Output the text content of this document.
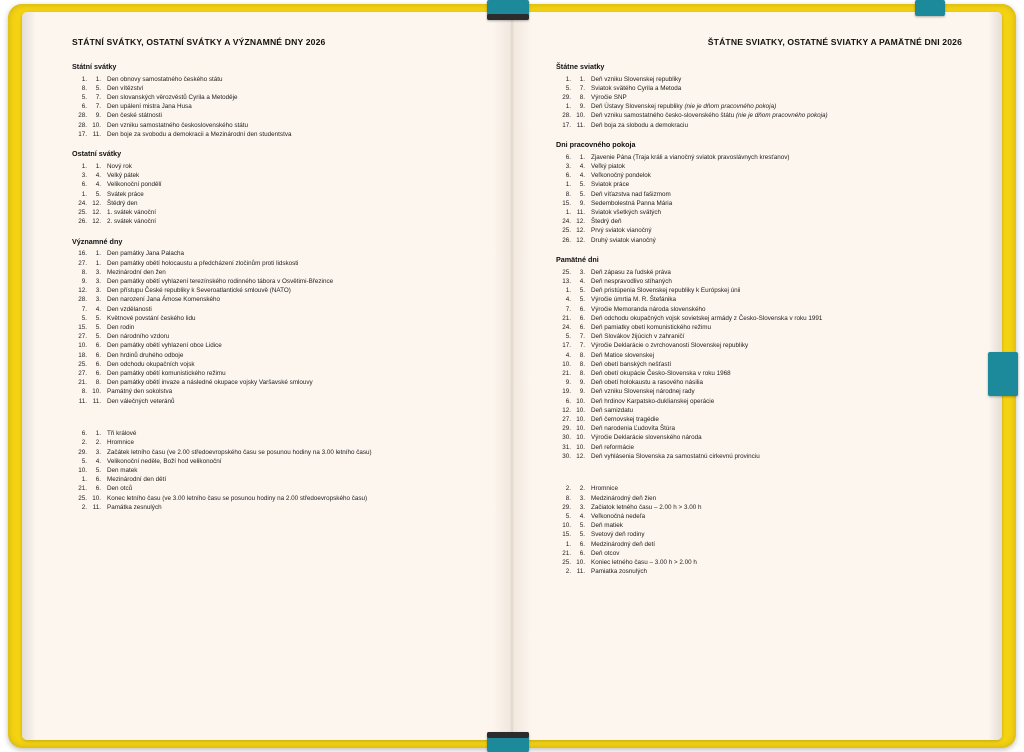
STÁTNÍ SVÁTKY, OSTATNÍ SVÁTKY A VÝZNAMNÉ DNY 2026
Státní svátky
1.	1. Den obnovy samostatného českého státu
8.	5. Den vítězství
5.	7. Den slovanských věrozvěstů Cyrila a Metoděje
6.	7. Den upálení mistra Jana Husa
28.	9. Den české státnosti
28. 10. Den vzniku samostatného československého státu
17. 11. Den boje za svobodu a demokracii a Mezinárodní den studentstva
Ostatní svátky
1.	1. Nový rok
3.	4. Velký pátek
6.	4. Velikonoční pondělí
1.	5. Svátek práce
24. 12. Štědrý den
25. 12. 1. svátek vánoční
26. 12. 2. svátek vánoční
Významné dny
16.	1. Den památky Jana Palacha
27.	1. Den památky obětí holocaustu a předcházení zločinům proti lidskosti
8.	3. Mezinárodní den žen
9.	3. Den památky obětí vyhlazení terezínského rodinného tábora v Osvětimi-Březince
12.	3. Den přístupu České republiky k Severoatlantické smlouvě (NATO)
28.	3. Den narození Jana Ámose Komenského
7.	4. Den vzdělanosti
5.	5. Květnové povstání českého lidu
15.	5. Den rodin
27.	5. Den národního vzdoru
10.	6. Den památky obětí vyhlazení obce Lidice
18.	6. Den hrdinů druhého odboje
25.	6. Den odchodu okupačních vojsk
27.	6. Den památky obětí komunistického režimu
21.	8. Den památky obětí invaze a následné okupace vojsky Varšavské smlouvy
8. 10. Památný den sokolstva
11. 11. Den válečných veteránů
6.	1. Tři králové
2.	2. Hromnice
29.	3. Začátek letního času (ve 2.00 středoevropského času se posunou hodiny na 3.00 letního času)
5.	4. Velikonoční neděle, Boží hod velikonoční
10.	5. Den matek
1.	6. Mezinárodní den dětí
21.	6. Den otců
25. 10. Konec letního času (ve 3.00 letního času se posunou hodiny na 2.00 středoevropského času)
2. 11. Památka zesnulých
ŠTÁTNE SVIATKY, OSTATNÉ SVIATKY A PAMÄTNÉ DNI 2026
Štátne sviatky
1.	1. Deň vzniku Slovenskej republiky
5.	7. Sviatok svätého Cyrila a Metoda
29.	8. Výročie SNP
1.	9. Deň Ústavy Slovenskej republiky (nie je dňom pracovného pokoja)
28. 10. Deň vzniku samostatného česko-slovenského štátu (nie je dňom pracovného pokoja)
17. 11. Deň boja za slobodu a demokraciu
Dni pracovného pokoja
6.	1. Zjavenie Pána (Traja králi a vianočný sviatok pravoslávnych kresťanov)
3.	4. Veľký piatok
6.	4. Veľkonočný pondelok
1.	5. Sviatok práce
8.	5. Deň víťazstva nad fašizmom
15.	9. Sedembolestná Panna Mária
1. 11. Sviatok všetkých svätých
24. 12. Štedrý deň
25. 12. Prvý sviatok vianočný
26. 12. Druhý sviatok vianočný
Pamätné dni
25.	3. Deň zápasu za ľudské práva
13.	4. Deň nespravodlivo stíhaných
1.	5. Deň pristúpenia Slovenskej republiky k Európskej únii
4.	5. Výročie úmrtia M. R. Štefánika
7.	6. Výročie Memoranda národa slovenského
21.	6. Deň odchodu okupačných vojsk sovietskej armády z Česko-Slovenska v roku 1991
24.	6. Deň pamiatky obetí komunistického režimu
5.	7. Deň Slovákov žijúcich v zahraničí
17.	7. Výročie Deklarácie o zvrchovanosti Slovenskej republiky
4.	8. Deň Matice slovenskej
10.	8. Deň obetí banských nešťastí
21.	8. Deň obetí okupácie Česko-Slovenska v roku 1968
9.	9. Deň obetí holokaustu a rasového násilia
19.	9. Deň vzniku Slovenskej národnej rady
6. 10. Deň hrdinov Karpatsko-duklianskej operácie
12. 10. Deň samizdatu
27. 10. Deň černovskej tragédie
29. 10. Deň narodenia Ľudovíta Štúra
30. 10. Výročie Deklarácie slovenského národa
31. 10. Deň reformácie
30. 12. Deň vyhlásenia Slovenska za samostatnú cirkevnú provinciu
2.	2. Hromnice
8.	3. Medzinárodný deň žien
29.	3. Začiatok letného času – 2.00 h > 3.00 h
5.	4. Veľkonočná nedeľa
10.	5. Deň matiek
15.	5. Svetový deň rodiny
1.	6. Medzinárodný deň detí
21.	6. Deň otcov
25. 10. Koniec letného času – 3.00 h > 2.00 h
2. 11. Pamiatka zosnulých
